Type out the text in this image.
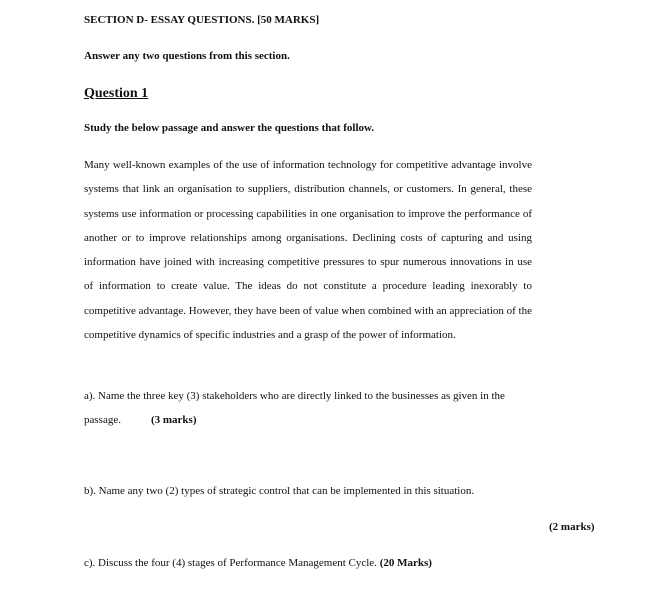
SECTION D- ESSAY QUESTIONS. [50 MARKS]
Answer any two questions from this section.
Question 1
Study the below passage and answer the questions that follow.

Many well-known examples of the use of information technology for competitive advantage involve systems that link an organisation to suppliers, distribution channels, or customers. In general, these systems use information or processing capabilities in one organisation to improve the performance of another or to improve relationships among organisations. Declining costs of capturing and using information have joined with increasing competitive pressures to spur numerous innovations in use of information to create value. The ideas do not constitute a procedure leading inexorably to competitive advantage. However, they have been of value when combined with an appreciation of the competitive dynamics of specific industries and a grasp of the power of information.

a). Name the three key (3) stakeholders who are directly linked to the businesses as given in the passage.	(3 marks)

b). Name any two (2) types of strategic control that can be implemented in this situation.
(2 marks)
c). Discuss the four (4) stages of Performance Management Cycle. (20 Marks)
